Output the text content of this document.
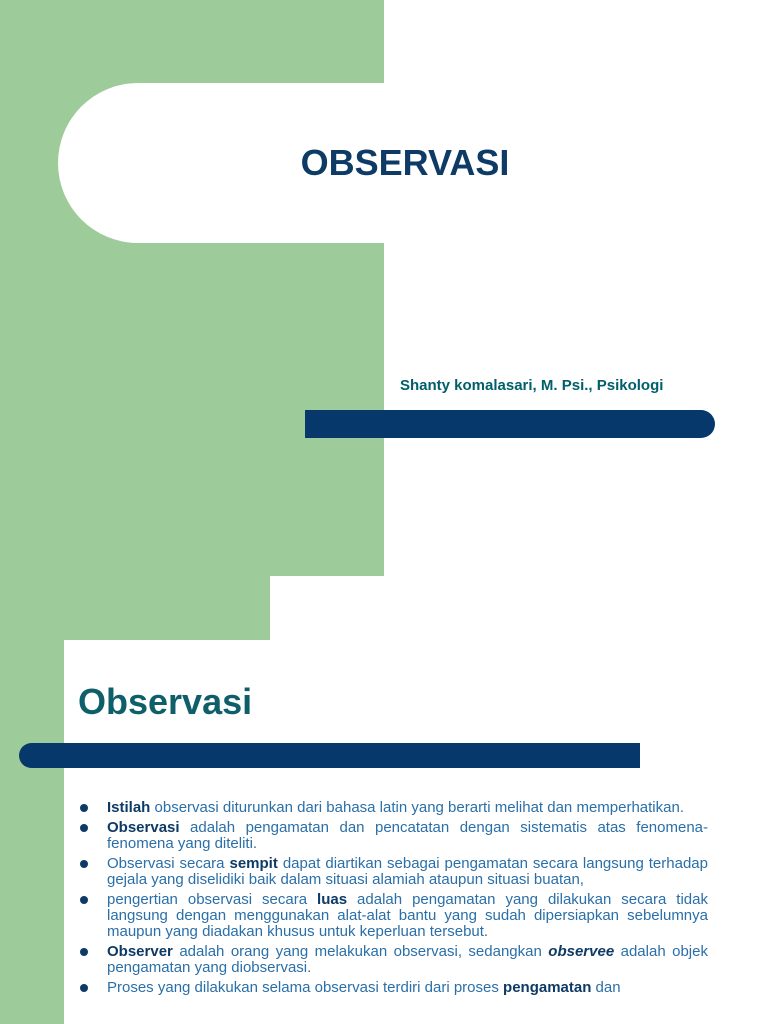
OBSERVASI

Shanty komalasari, M. Psi., Psikologi

Observasi
Istilah observasi diturunkan dari bahasa latin yang berarti melihat dan memperhatikan.
Observasi adalah pengamatan dan pencatatan dengan sistematis atas fenomena-fenomena yang diteliti.
Observasi secara sempit dapat diartikan sebagai pengamatan secara langsung terhadap gejala yang diselidiki baik dalam situasi alamiah ataupun situasi buatan,
pengertian observasi secara luas adalah pengamatan yang dilakukan secara tidak langsung dengan menggunakan alat-alat bantu yang sudah dipersiapkan sebelumnya maupun yang diadakan khusus untuk keperluan tersebut.
Observer adalah orang yang melakukan observasi, sedangkan observee adalah objek pengamatan yang diobservasi.
Proses yang dilakukan selama observasi terdiri dari proses pengamatan dan
